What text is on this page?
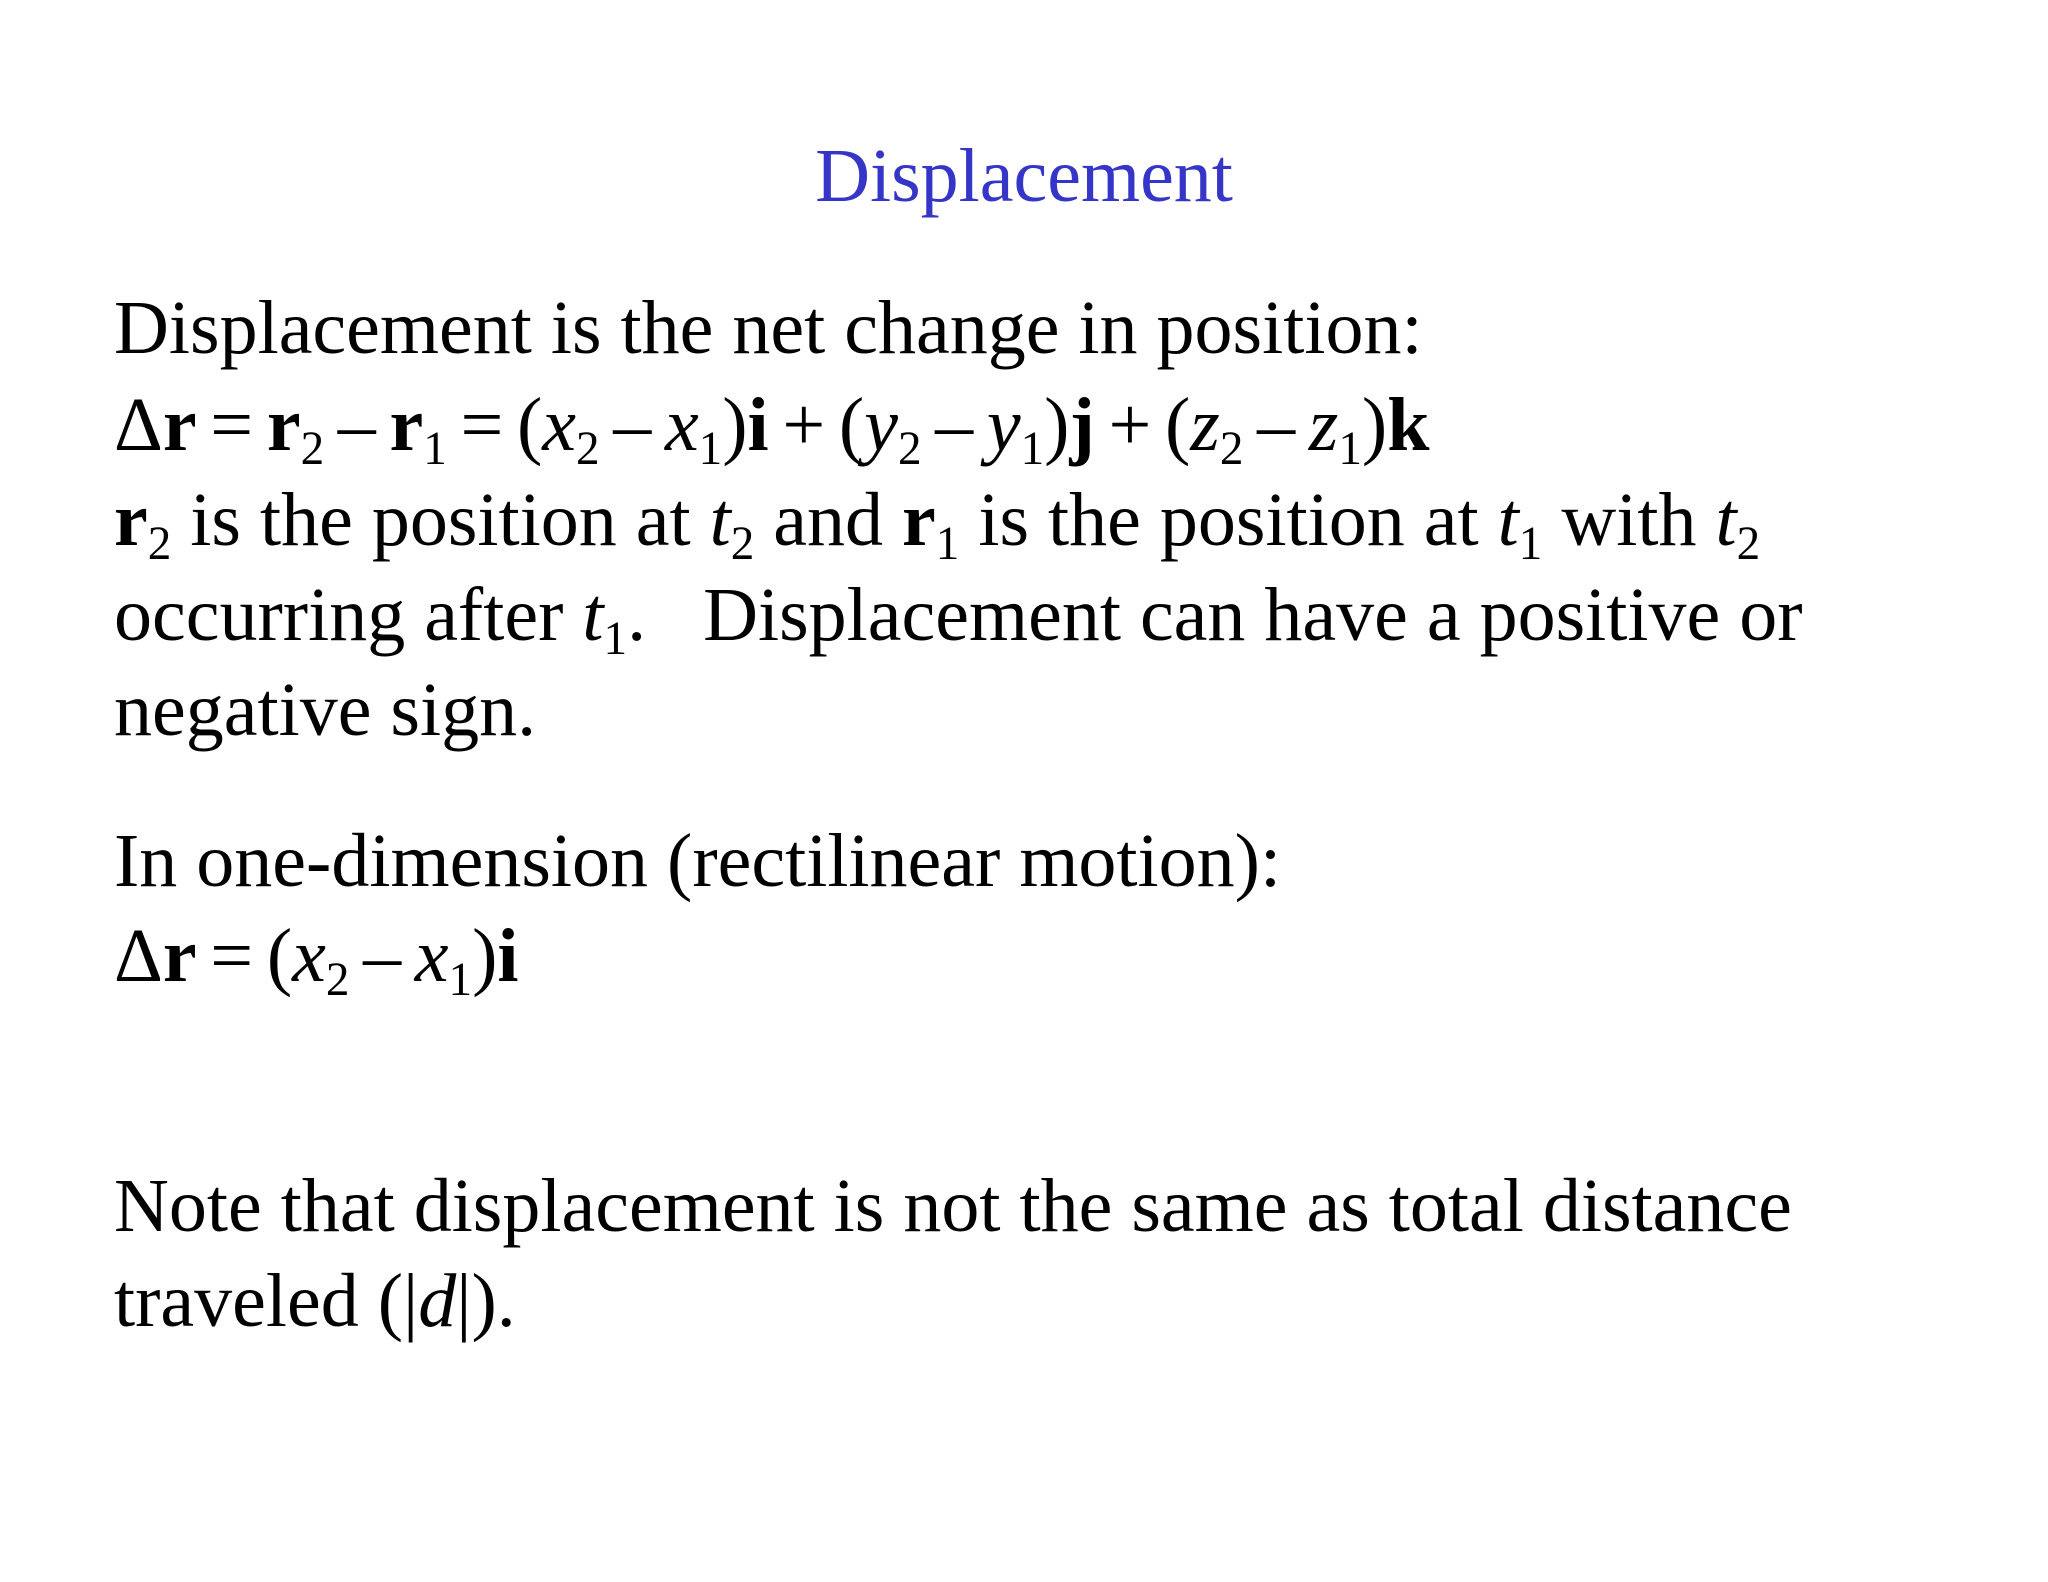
Displacement
Displacement is the net change in position:
Δr = r2 – r1 = (x2 – x1)i + (y2 – y1)j + (z2 – z1)k
r2 is the position at t2 and r1 is the position at t1 with t2
occurring after t1.   Displacement can have a positive or
negative sign.
In one-dimension (rectilinear motion):
Δr = (x2 – x1)i
Note that displacement is not the same as total distance
traveled (|d|).
